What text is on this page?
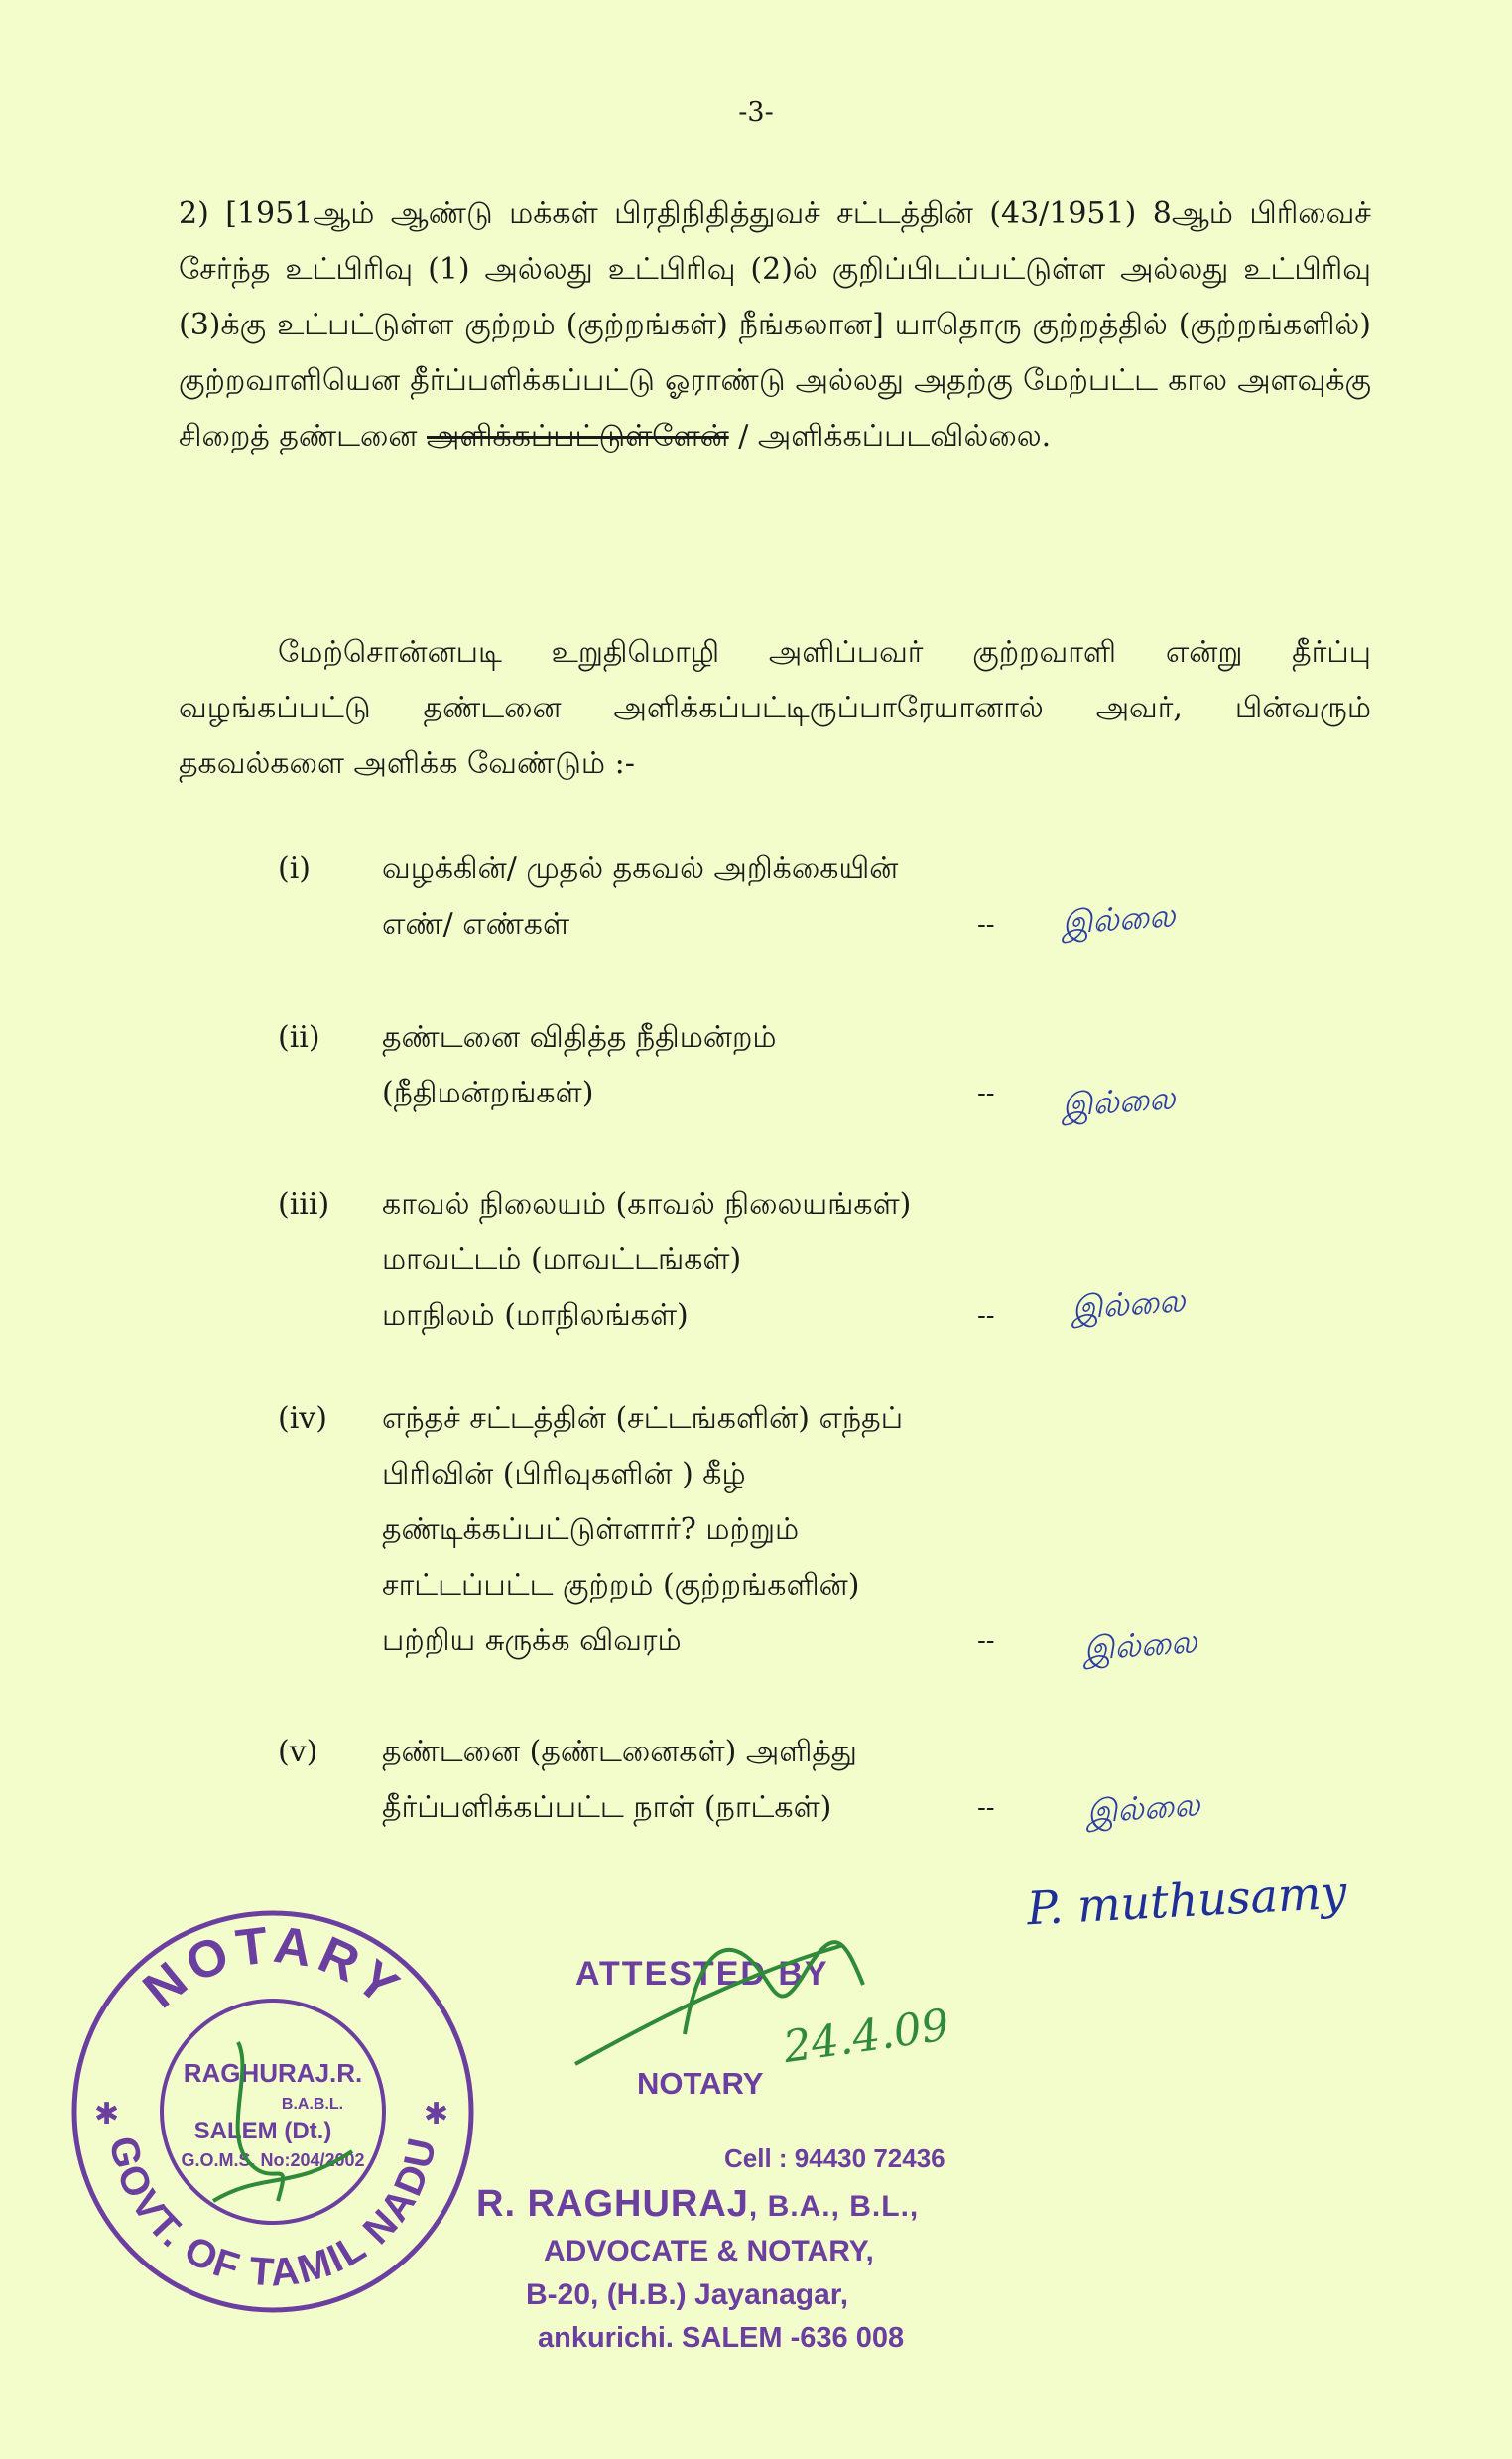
-3-
2) [1951ஆம் ஆண்டு மக்கள் பிரதிநிதித்துவச் சட்டத்தின் (43/1951) 8ஆம் பிரிவைச் சேர்ந்த உட்பிரிவு (1) அல்லது உட்பிரிவு (2)ல் குறிப்பிடப்பட்டுள்ள அல்லது உட்பிரிவு (3)க்கு உட்பட்டுள்ள குற்றம் (குற்றங்கள்) நீங்கலான] யாதொரு குற்றத்தில் (குற்றங்களில்) குற்றவாளியென தீர்ப்பளிக்கப்பட்டு ஓராண்டு அல்லது அதற்கு மேற்பட்ட கால அளவுக்கு சிறைத் தண்டனை அளிக்கப்பட்டுள்ளேன் / அளிக்கப்படவில்லை.
மேற்சொன்னபடி உறுதிமொழி அளிப்பவர் குற்றவாளி என்று தீர்ப்பு வழங்கப்பட்டு தண்டனை அளிக்கப்பட்டிருப்பாரேயானால் அவர், பின்வரும் தகவல்களை அளிக்க வேண்டும் :-
(i)	வழக்கின்/ முதல் தகவல் அறிக்கையின்
எண்/ எண்கள்	-- இல்லை
(ii)	தண்டனை விதித்த நீதிமன்றம்
(நீதிமன்றங்கள்)	-- இல்லை
(iii)	காவல் நிலையம் (காவல் நிலையங்கள்)
மாவட்டம் (மாவட்டங்கள்)
மாநிலம் (மாநிலங்கள்)	-- இல்லை
(iv)	எந்தச் சட்டத்தின் (சட்டங்களின்) எந்தப்
பிரிவின் (பிரிவுகளின் ) கீழ்
தண்டிக்கப்பட்டுள்ளார்? மற்றும்
சாட்டப்பட்ட குற்றம் (குற்றங்களின்)
பற்றிய சுருக்க விவரம்	--	இல்லை
(v)	தண்டனை (தண்டனைகள்) அளித்து
தீர்ப்பளிக்கப்பட்ட நாள் (நாட்கள்)	--	இல்லை
P. muthusamy
NOTARY
GOVT. OF TAMIL NADU
✱	✱
RAGHURAJ.R.
B.A.B.L.
SALEM (Dt.)
G.O.M.S. No:204/2002
ATTESTED BY
NOTARY
24.4.09
Cell : 94430 72436
R. RAGHURAJ, B.A., B.L.,
ADVOCATE & NOTARY,
B-20, (H.B.) Jayanagar,
ankurichi. SALEM -636 008
